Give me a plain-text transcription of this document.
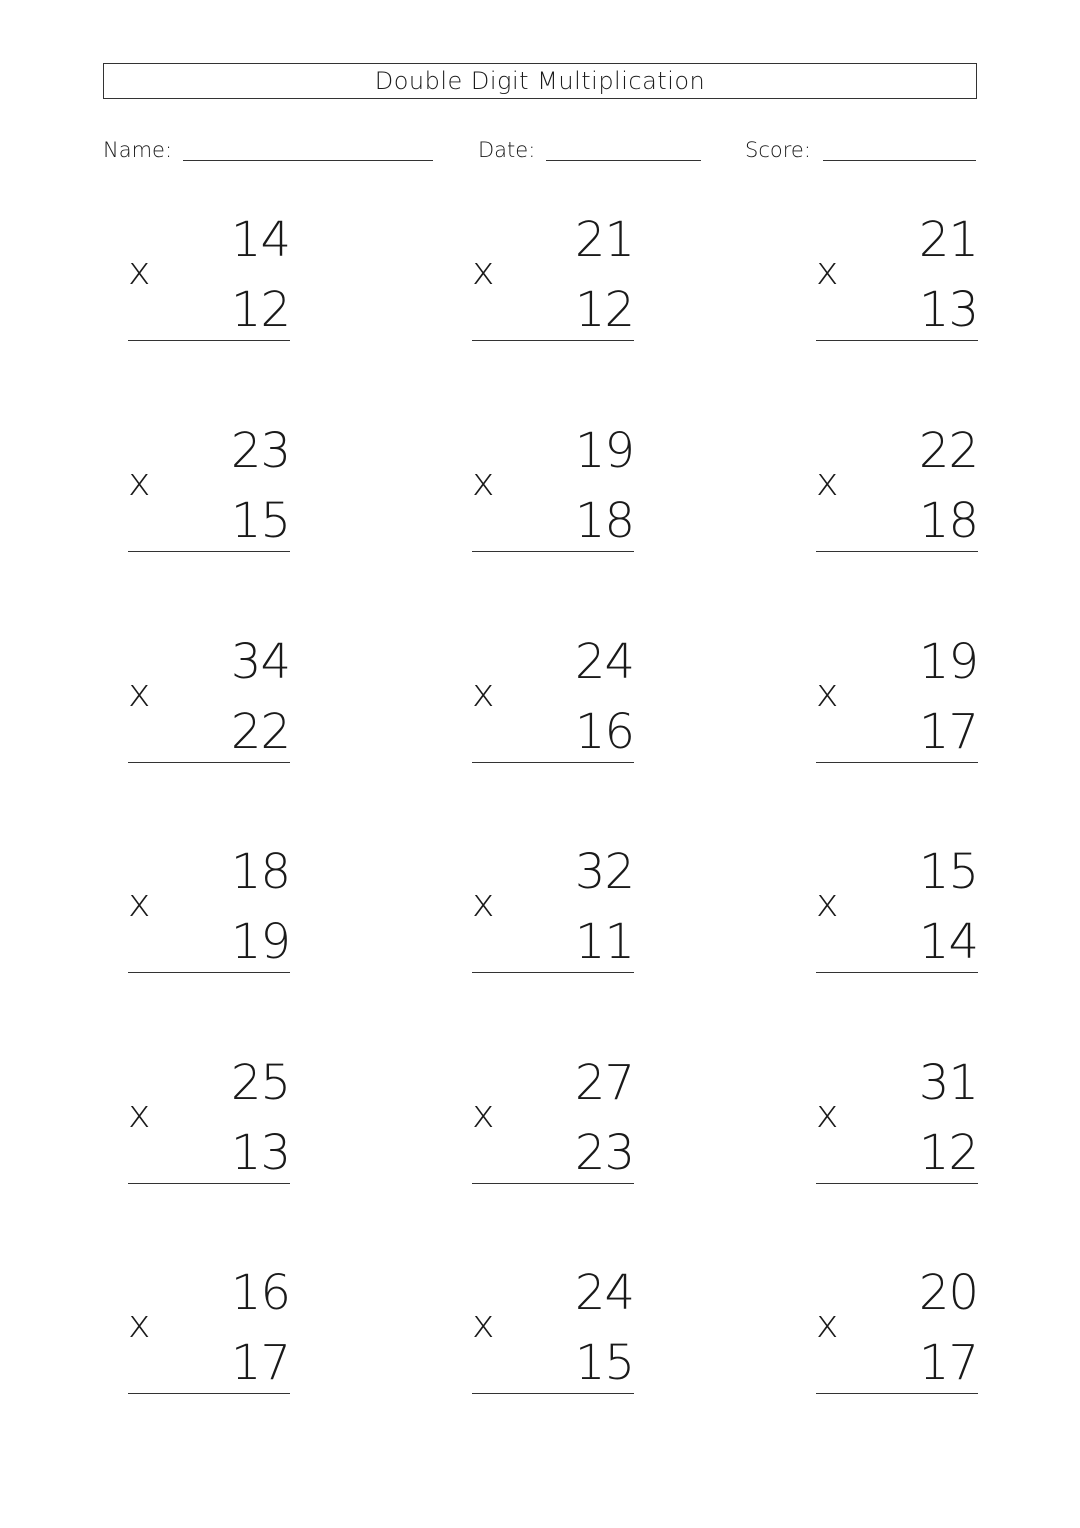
Double Digit Multiplication
Name:	Date:	Score:
14
x
12
21
x
12
21
x
13
23
x
15
19
x
18
22
x
18
34
x
22
24
x
16
19
x
17
18
x
19
32
x
11
15
x
14
25
x
13
27
x
23
31
x
12
16
x
17
24
x
15
20
x
17
